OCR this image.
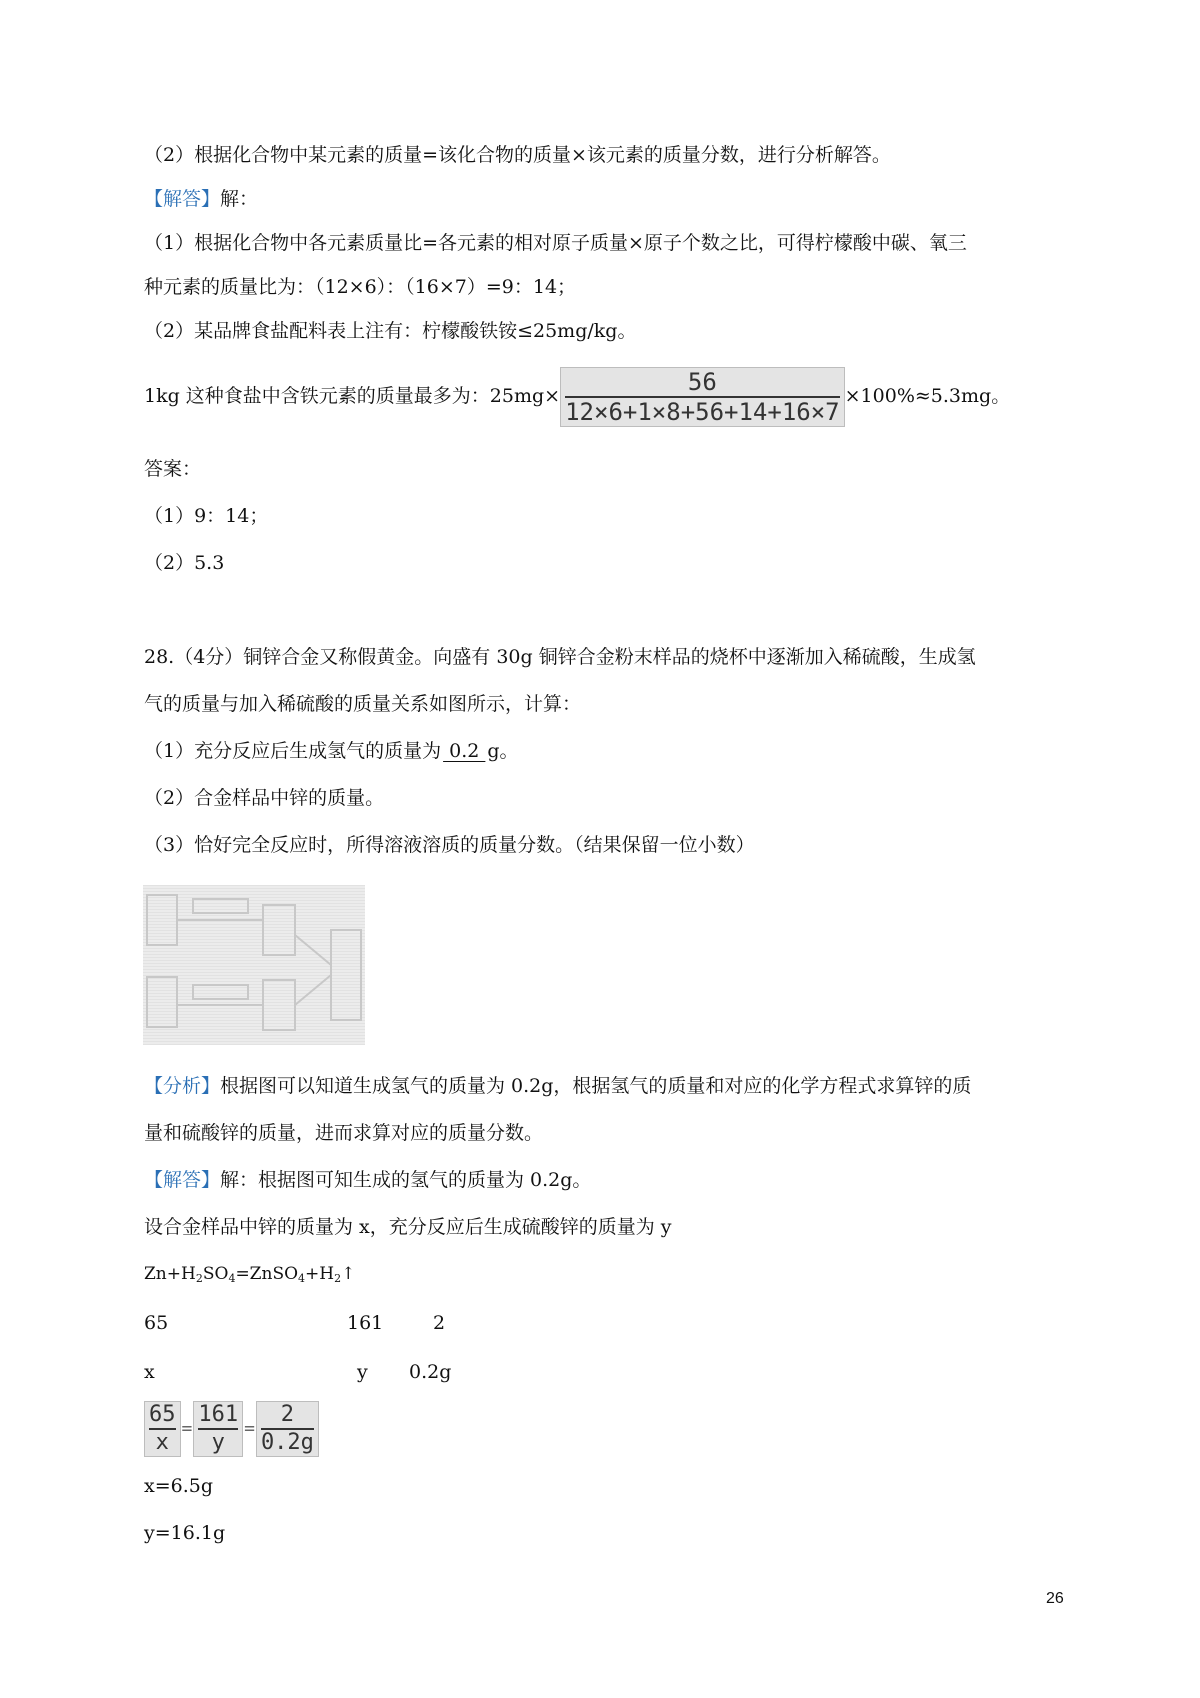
（2）根据化合物中某元素的质量=该化合物的质量×该元素的质量分数，进行分析解答。
【解答】解：
（1）根据化合物中各元素质量比=各元素的相对原子质量×原子个数之比，可得柠檬酸中碳、氧三
种元素的质量比为：（12×6）：（16×7）=9：14；
（2）某品牌食盐配料表上注有：柠檬酸铁铵≤25mg/kg。
1kg 这种食盐中含铁元素的质量最多为：$25mg\times \frac{56}{12\times 6+1\times 8+56+14+16\times 7} \times 100\%\approx 5.3mg$。
答案：
（1）9：14；
（2）5.3
28.（4分）铜锌合金又称假黄金。向盛有 30g 铜锌合金粉末样品的烧杯中逐渐加入稀硫酸，生成氢
气的质量与加入稀硫酸的质量关系如图所示，计算：
（1）充分反应后生成氢气的质量为 0.2 g。
（2）合金样品中锌的质量。
（3）恰好完全反应时，所得溶液溶质的质量分数。（结果保留一位小数）
【分析】根据图可以知道生成氢气的质量为 0.2g，根据氢气的质量和对应的化学方程式求算锌的质
量和硫酸锌的质量，进而求算对应的质量分数。
【解答】解：根据图可知生成的氢气的质量为 0.2g。
设合金样品中锌的质量为 x，充分反应后生成硫酸锌的质量为 y
$Zn+H_2SO_4=ZnSO_4+H_2↑$
65	161	2
x	y 0.2g
$\frac{65}{x} = \frac{161}{y} = \frac{2}{0.2g}$
x=6.5g
y=16.1g
26
